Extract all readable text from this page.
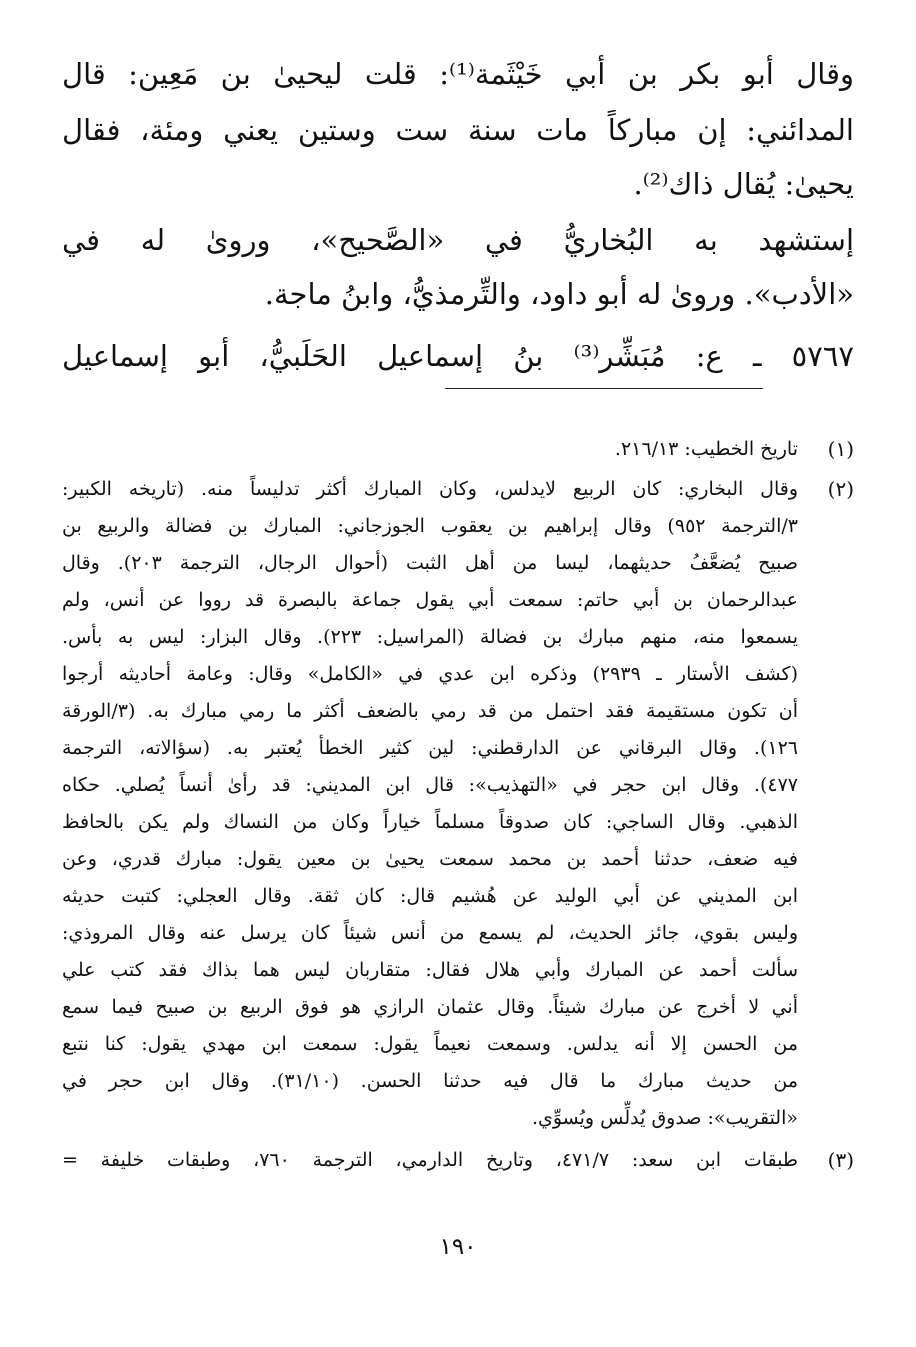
وقال أبو بكر بن أبي خَيْثَمة⁽¹⁾: قلت ليحيىٰ بن مَعِين: قال
المدائني: إن مباركاً مات سنة ست وستين يعني ومئة، فقال
يحيىٰ: يُقال ذاك⁽²⁾.
إستشهد به البُخاريُّ في «الصَّحيح»، وروىٰ له في
«الأدب». وروىٰ له أبو داود، والتِّرمذيُّ، وابنُ ماجة.
٥٧٦٧ ـ ع: مُبَشِّر⁽³⁾ بنُ إسماعيل الحَلَبيُّ، أبو إسماعيل
(١)
تاريخ الخطيب: ٢١٦/١٣.
(٢)
وقال البخاري: كان الربيع لايدلس، وكان المبارك أكثر تدليساً منه. (تاريخه الكبير:
٣/الترجمة ٩٥٢) وقال إبراهيم بن يعقوب الجوزجاني: المبارك بن فضالة والربيع بن
صبيح يُضعَّفُ حديثهما، ليسا من أهل الثبت (أحوال الرجال، الترجمة ٢٠٣). وقال
عبدالرحمان بن أبي حاتم: سمعت أبي يقول جماعة بالبصرة قد رووا عن أنس، ولم
يسمعوا منه، منهم مبارك بن فضالة (المراسيل: ٢٢٣). وقال البزار: ليس به بأس.
(كشف الأستار ـ ٢٩٣٩) وذكره ابن عدي في «الكامل» وقال: وعامة أحاديثه أرجوا
أن تكون مستقيمة فقد احتمل من قد رمي بالضعف أكثر ما رمي مبارك به. (٣/الورقة
١٢٦). وقال البرقاني عن الدارقطني: لين كثير الخطأ يُعتبر به. (سؤالاته، الترجمة
٤٧٧). وقال ابن حجر في «التهذيب»: قال ابن المديني: قد رأىٰ أنساً يُصلي. حكاه
الذهبي. وقال الساجي: كان صدوقاً مسلماً خياراً وكان من النساك ولم يكن بالحافظ
فيه ضعف، حدثنا أحمد بن محمد سمعت يحيىٰ بن معين يقول: مبارك قدري، وعن
ابن المديني عن أبي الوليد عن هُشيم قال: كان ثقة. وقال العجلي: كتبت حديثه
وليس بقوي، جائز الحديث، لم يسمع من أنس شيئاً كان يرسل عنه وقال المروذي:
سألت أحمد عن المبارك وأبي هلال فقال: متقاربان ليس هما بذاك فقد كتب علي
أني لا أخرج عن مبارك شيئاً. وقال عثمان الرازي هو فوق الربيع بن صبيح فيما سمع
من الحسن إلا أنه يدلس. وسمعت نعيماً يقول: سمعت ابن مهدي يقول: كنا نتبع
من حديث مبارك ما قال فيه حدثنا الحسن. (٣١/١٠). وقال ابن حجر في
«التقريب»: صدوق يُدلِّس ويُسوِّي.
(٣)
طبقات ابن سعد: ٤٧١/٧، وتاريخ الدارمي، الترجمة ٧٦٠، وطبقات خليفة =
١٩٠
